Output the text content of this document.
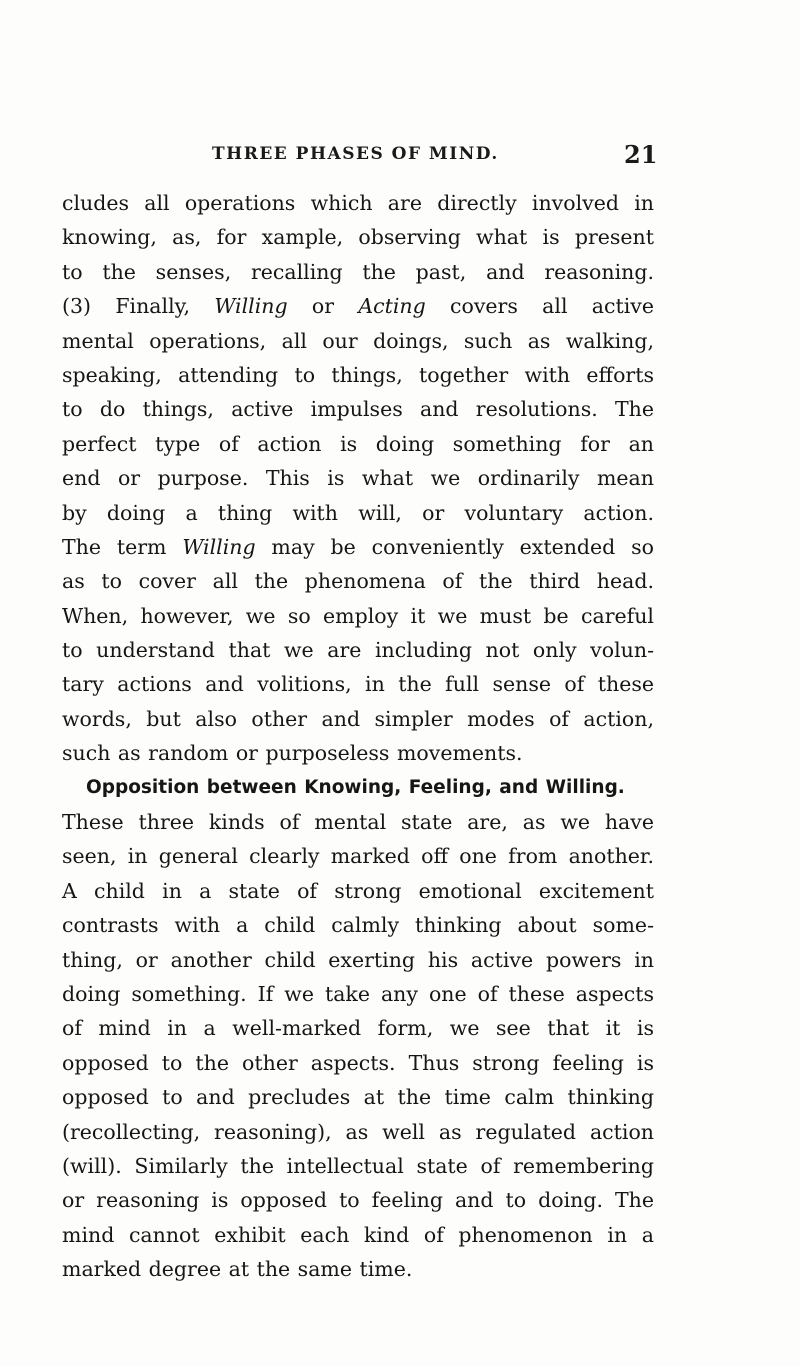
THREE PHASES OF MIND.	21
cludes all operations which are directly involved in
knowing, as, for xample, observing what is present
to the senses, recalling the past, and reasoning.
(3) Finally, Willing or Acting covers all active
mental operations, all our doings, such as walking,
speaking, attending to things, together with efforts
to do things, active impulses and resolutions. The
perfect type of action is doing something for an
end or purpose. This is what we ordinarily mean
by doing a thing with will, or voluntary action.
The term Willing may be conveniently extended so
as to cover all the phenomena of the third head.
When, however, we so employ it we must be careful
to understand that we are including not only volun-
tary actions and volitions, in the full sense of these
words, but also other and simpler modes of action,
such as random or purposeless movements.
Opposition between Knowing, Feeling, and Willing.
These three kinds of mental state are, as we have
seen, in general clearly marked off one from another.
A child in a state of strong emotional excitement
contrasts with a child calmly thinking about some-
thing, or another child exerting his active powers in
doing something. If we take any one of these aspects
of mind in a well-marked form, we see that it is
opposed to the other aspects. Thus strong feeling is
opposed to and precludes at the time calm thinking
(recollecting, reasoning), as well as regulated action
(will). Similarly the intellectual state of remembering
or reasoning is opposed to feeling and to doing. The
mind cannot exhibit each kind of phenomenon in a
marked degree at the same time.
